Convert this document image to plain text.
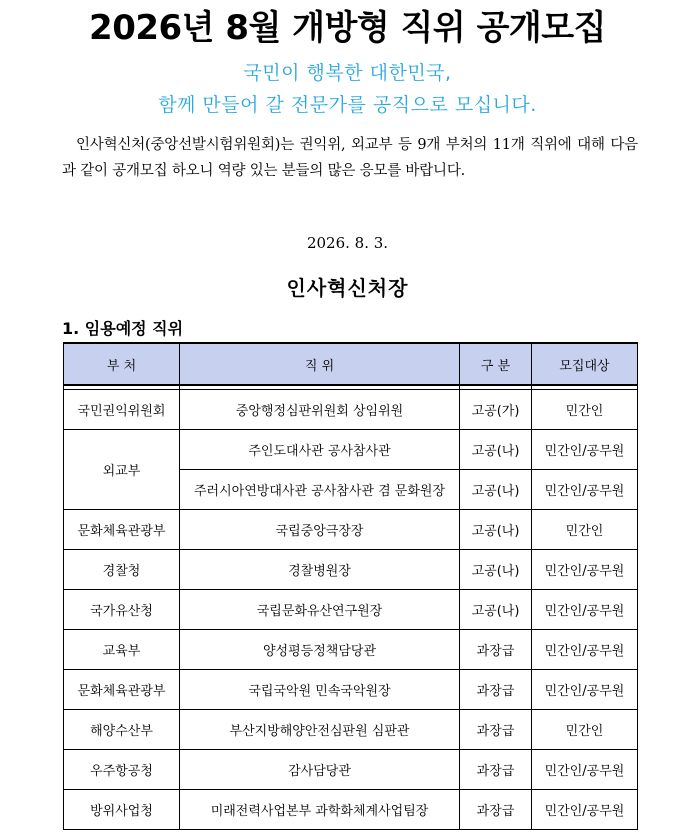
2026년 8월 개방형 직위 공개모집
국민이 행복한 대한민국,
함께 만들어 갈 전문가를 공직으로 모십니다.
인사혁신처(중앙선발시험위원회)는 권익위, 외교부 등 9개 부처의 11개 직위에 대해 다음과 같이 공개모집 하오니 역량 있는 분들의 많은 응모를 바랍니다.
2026. 8. 3.
인사혁신처장
1. 임용예정 직위
부 처	직 위	구 분	모집대상

국민권익위원회	중앙행정심판위원회 상임위원	고공(가)	민간인
외교부	주인도대사관 공사참사관	고공(나)	민간인/공무원
	주러시아연방대사관 공사참사관 겸 문화원장	고공(나)	민간인/공무원
문화체육관광부	국립중앙극장장	고공(나)	민간인
경찰청	경찰병원장	고공(나)	민간인/공무원
국가유산청	국립문화유산연구원장	고공(나)	민간인/공무원
교육부	양성평등정책담당관	과장급	민간인/공무원
문화체육관광부	국립국악원 민속국악원장	과장급	민간인/공무원
해양수산부	부산지방해양안전심판원 심판관	과장급	민간인
우주항공청	감사담당관	과장급	민간인/공무원
방위사업청	미래전력사업본부 과학화체계사업팀장	과장급	민간인/공무원
